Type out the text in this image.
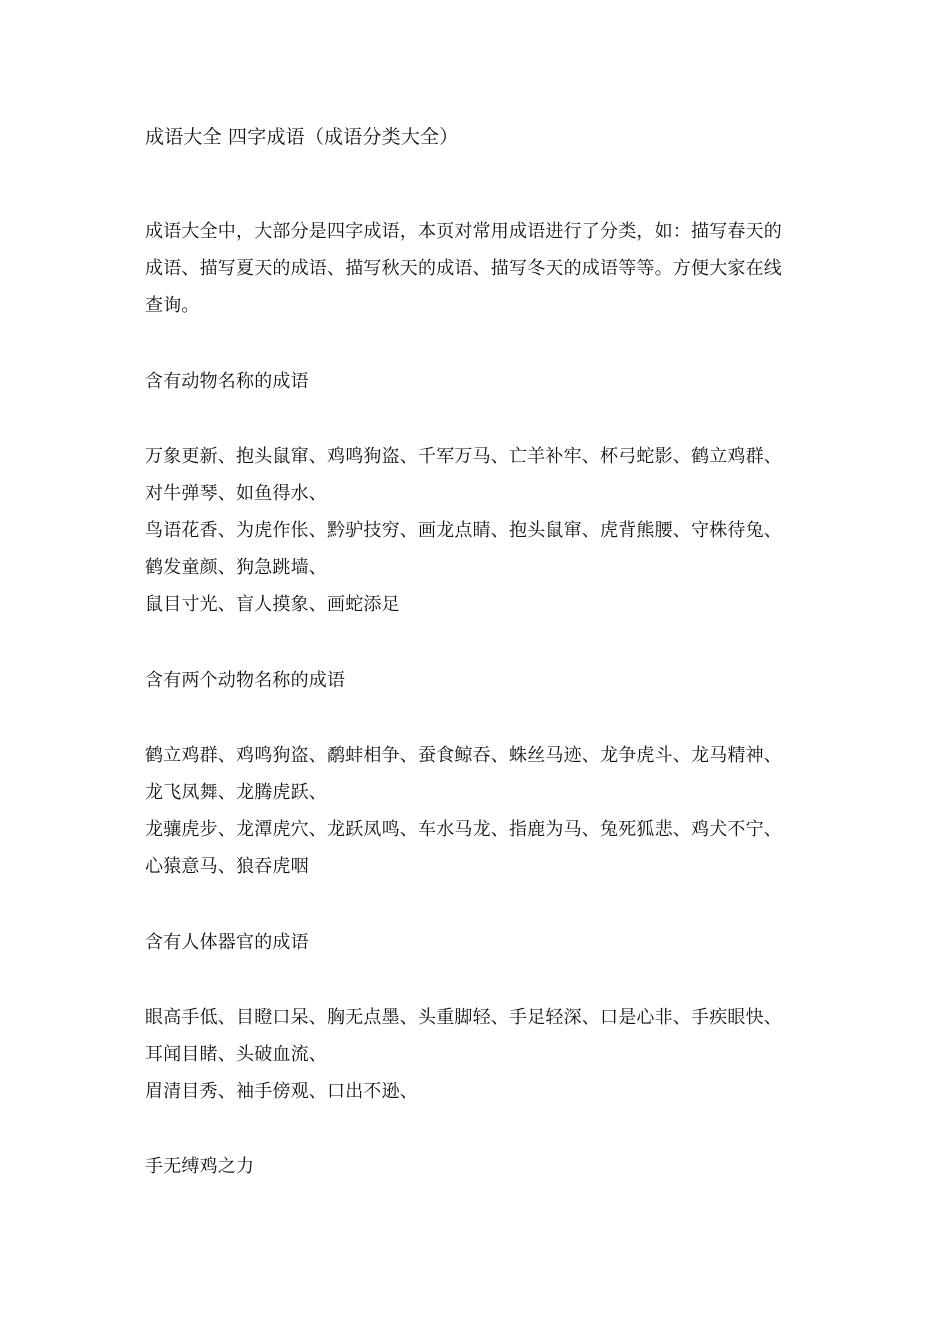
成语大全 四字成语（成语分类大全）
成语大全中，大部分是四字成语，本页对常用成语进行了分类，如：描写春天的
成语、描写夏天的成语、描写秋天的成语、描写冬天的成语等等。方便大家在线
查询。
含有动物名称的成语
万象更新、抱头鼠窜、鸡鸣狗盗、千军万马、亡羊补牢、杯弓蛇影、鹤立鸡群、
对牛弹琴、如鱼得水、
鸟语花香、为虎作伥、黔驴技穷、画龙点睛、抱头鼠窜、虎背熊腰、守株待兔、
鹤发童颜、狗急跳墙、
鼠目寸光、盲人摸象、画蛇添足
含有两个动物名称的成语
鹤立鸡群、鸡鸣狗盗、鹬蚌相争、蚕食鲸吞、蛛丝马迹、龙争虎斗、龙马精神、
龙飞凤舞、龙腾虎跃、
龙骧虎步、龙潭虎穴、龙跃凤鸣、车水马龙、指鹿为马、兔死狐悲、鸡犬不宁、
心猿意马、狼吞虎咽
含有人体器官的成语
眼高手低、目瞪口呆、胸无点墨、头重脚轻、手足轻深、口是心非、手疾眼快、
耳闻目睹、头破血流、
眉清目秀、袖手傍观、口出不逊、
手无缚鸡之力
